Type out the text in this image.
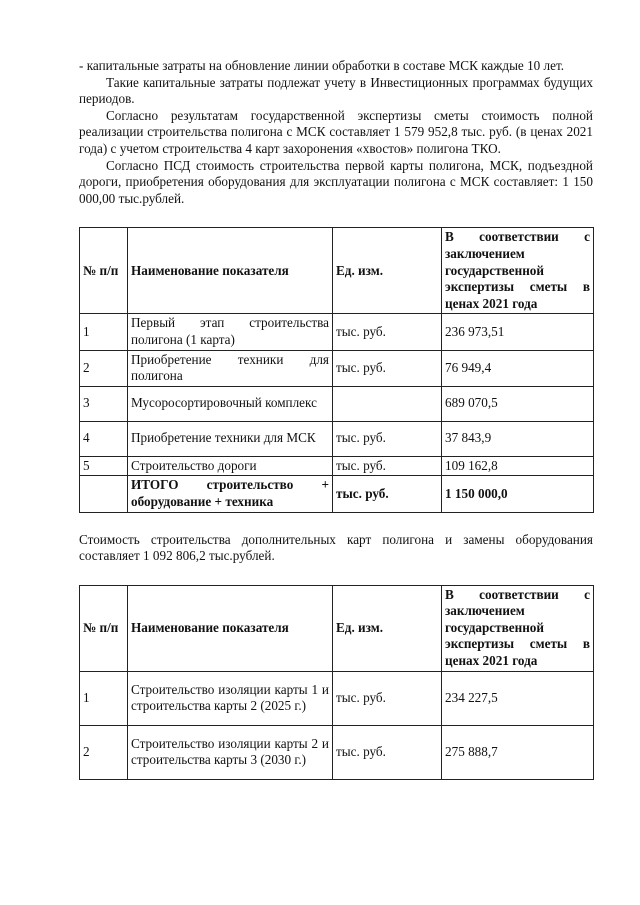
- капитальные затраты на обновление линии обработки в составе МСК каждые 10 лет.

Такие капитальные затраты подлежат учету в Инвестиционных программах будущих периодов.

Согласно результатам государственной экспертизы сметы стоимость полной реализации строительства полигона с МСК составляет 1 579 952,8 тыс. руб. (в ценах 2021 года) с учетом строительства 4 карт захоронения «хвостов» полигона ТКО.

Согласно ПСД стоимость строительства первой карты полигона, МСК, подъездной дороги, приобретения оборудования для эксплуатации полигона с МСК составляет: 1 150 000,00 тыс.рублей.

№ п/п	Наименование показателя	Ед. изм.	В соответствии с заключением государственной экспертизы сметы в ценах 2021 года
1	Первый этап строительства полигона (1 карта)	тыс. руб.	236 973,51
2	Приобретение техники для полигона	тыс. руб.	76 949,4
3	Мусоросортировочный комплекс		689 070,5
4	Приобретение техники для МСК	тыс. руб.	37 843,9
5	Строительство дороги	тыс. руб.	109 162,8
	ИТОГО строительство + оборудование + техника	тыс. руб.	1 150 000,0

Стоимость строительства дополнительных карт полигона и замены оборудования составляет 1 092 806,2 тыс.рублей.

№ п/п	Наименование показателя	Ед. изм.	В соответствии с заключением государственной экспертизы сметы в ценах 2021 года
1	Строительство изоляции карты 1 и строительства карты 2 (2025 г.)	тыс. руб.	234 227,5
2	Строительство изоляции карты 2 и строительства карты 3 (2030 г.)	тыс. руб.	275 888,7
